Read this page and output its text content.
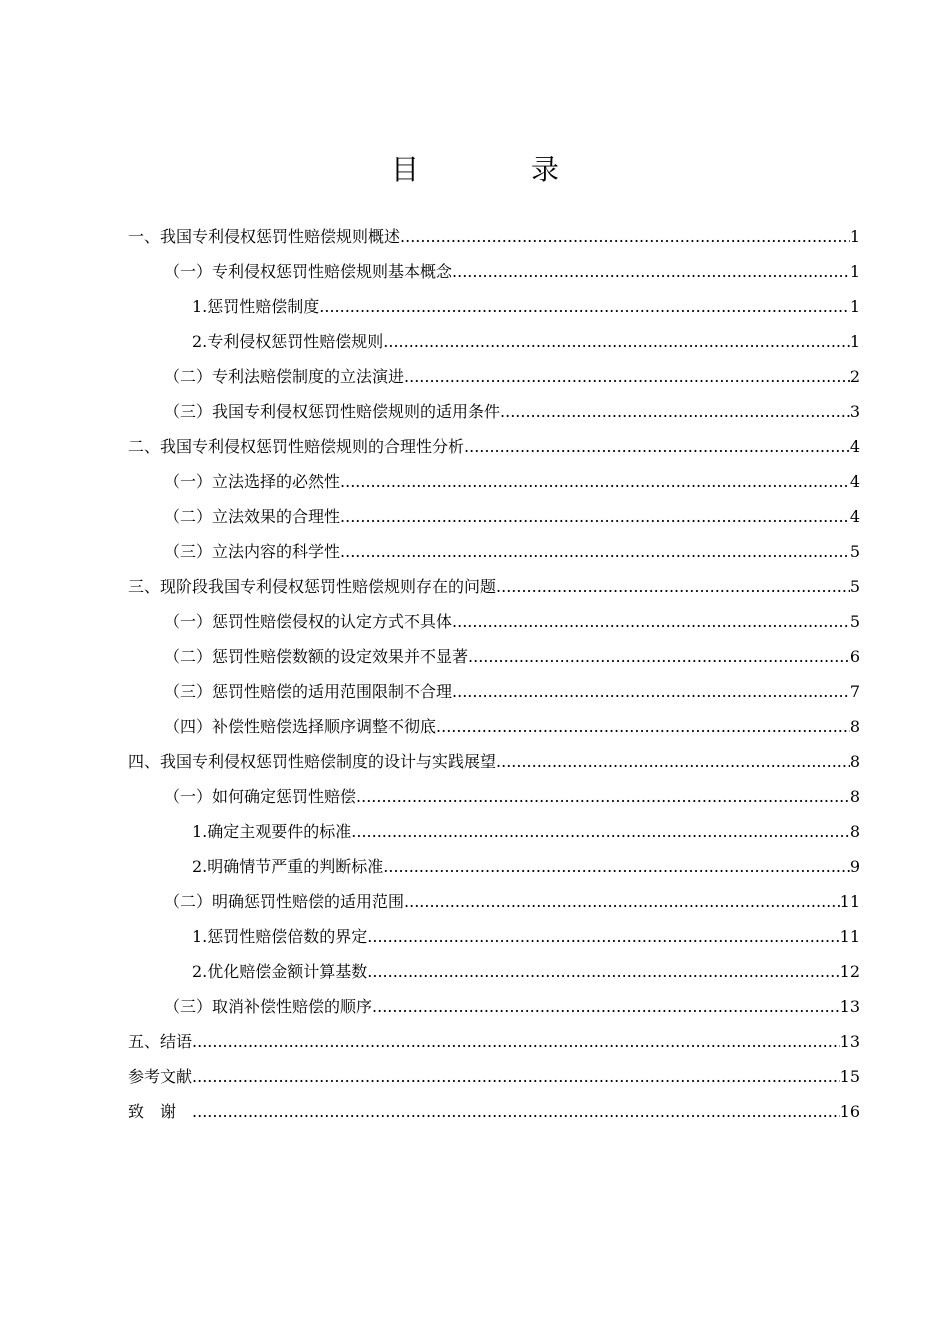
目　录
一、我国专利侵权惩罚性赔偿规则概述 .....	1
（一）专利侵权惩罚性赔偿规则基本概念 .....	1
1.惩罚性赔偿制度 .....	1
2.专利侵权惩罚性赔偿规则 .....	1
（二）专利法赔偿制度的立法演进 .....	2
（三）我国专利侵权惩罚性赔偿规则的适用条件 .....	3
二、我国专利侵权惩罚性赔偿规则的合理性分析 .....	4
（一）立法选择的必然性 .....	4
（二）立法效果的合理性 .....	4
（三）立法内容的科学性 .....	5
三、现阶段我国专利侵权惩罚性赔偿规则存在的问题 .....	5
（一）惩罚性赔偿侵权的认定方式不具体 .....	5
（二）惩罚性赔偿数额的设定效果并不显著 .....	6
（三）惩罚性赔偿的适用范围限制不合理 .....	7
（四）补偿性赔偿选择顺序调整不彻底 .....	8
四、我国专利侵权惩罚性赔偿制度的设计与实践展望 .....	8
（一）如何确定惩罚性赔偿 .....	8
1.确定主观要件的标准 .....	8
2.明确情节严重的判断标准 .....	9
（二）明确惩罚性赔偿的适用范围 .....	11
1.惩罚性赔偿倍数的界定 .....	11
2.优化赔偿金额计算基数 .....	12
（三）取消补偿性赔偿的顺序 .....	13
五、结语 .....	13
参考文献 .....	15
致谢 .....	16
